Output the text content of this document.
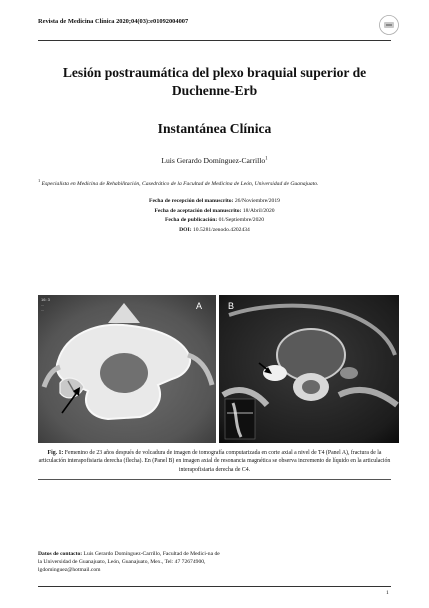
Revista de Medicina Clínica 2020;04(03):e01092004007
Lesión postraumática del plexo braquial superior de
Duchenne-Erb
Instantánea Clínica
Luis Gerardo Domínguez-Carrillo$^1$
$^1$ Especialista en Medicina de Rehabilitación, Casedrático de la Facultad de Medicina de León, Universidad de Guanajuato.
Fecha de recepción del manuscrito: 26/Noviembre/2019
Fecha de aceptación del manuscrito: 18/Abril/2020
Fecha de publicación: 01/Septiembre/2020
DOI: 10.5281/zenodo.4202434
16: 3
...
...	A	B
Fig. 1: Femenino de 23 años después de volcadura de imagen de tomografía computarizada en corte axial a nivel de T4 (Panel A), fractura de la articulación interapofisiaria derecha (flecha). En (Panel B) en imagen axial de resonancia magnética se observa incremento de líquido en la articulación interapofisiaria derecha de C4.
Datos de contacto: Luis Gerardo Domínguez-Carrillo, Facultad de Medici-na de la Universidad de Guanajuato, León, Guanajuato, Mex., Tel: 47 72674900, lgdominguez@hotmail.com
1
